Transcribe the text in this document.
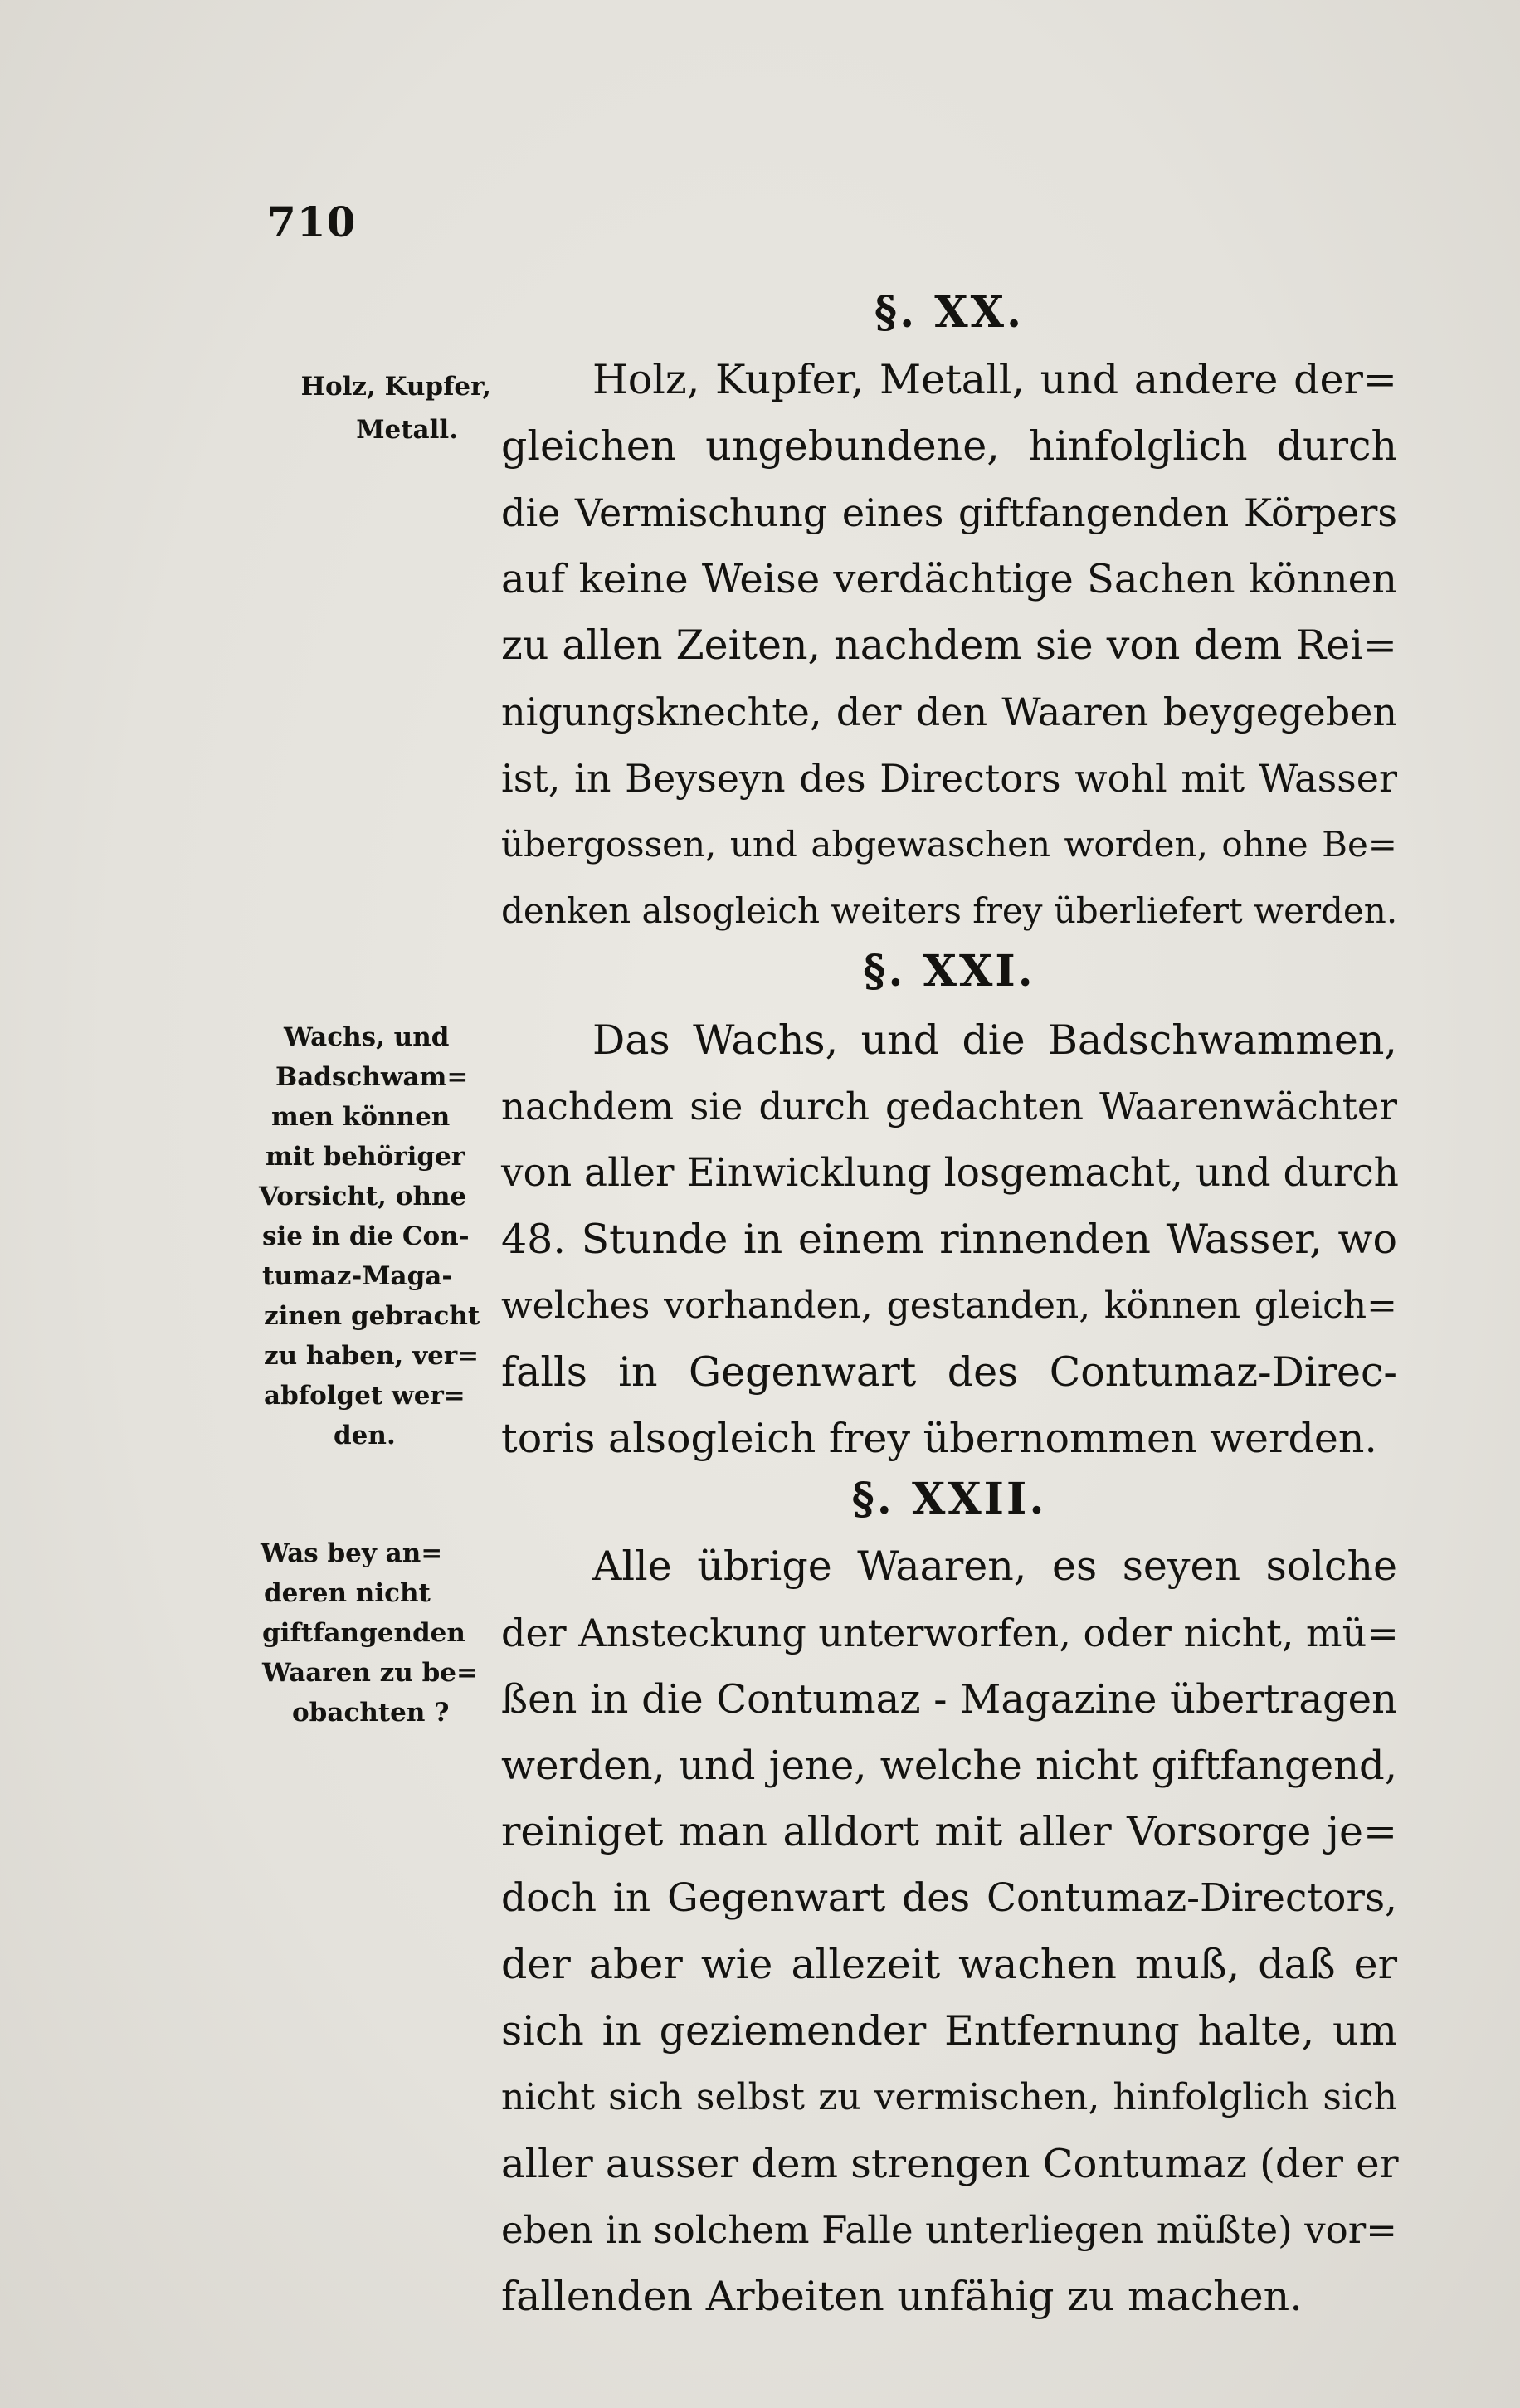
710
§. XX.
Holz, Kupfer,
Metall.
Holz, Kupfer, Metall, und andere der=
gleichen ungebundene, hinfolglich durch
die Vermischung eines giftfangenden Körpers
auf keine Weise verdächtige Sachen können
zu allen Zeiten, nachdem sie von dem Rei=
nigungsknechte, der den Waaren beygegeben
ist, in Beyseyn des Directors wohl mit Wasser
übergossen, und abgewaschen worden, ohne Be=
denken alsogleich weiters frey überliefert werden.
§. XXI.
Wachs, und
Badschwam=
men können
mit behöriger
Vorsicht, ohne
sie in die Con-
tumaz-Maga-
zinen gebracht
zu haben, ver=
abfolget wer=
den.
Das Wachs, und die Badschwammen,
nachdem sie durch gedachten Waarenwächter
von aller Einwicklung losgemacht, und durch
48. Stunde in einem rinnenden Wasser, wo
welches vorhanden, gestanden, können gleich=
falls in Gegenwart des Contumaz-Direc-
toris alsogleich frey übernommen werden.
§. XXII.
Was bey an=
deren nicht
giftfangenden
Waaren zu be=
obachten ?
Alle übrige Waaren, es seyen solche
der Ansteckung unterworfen, oder nicht, mü=
ßen in die Contumaz - Magazine übertragen
werden, und jene, welche nicht giftfangend,
reiniget man alldort mit aller Vorsorge je=
doch in Gegenwart des Contumaz-Directors,
der aber wie allezeit wachen muß, daß er
sich in geziemender Entfernung halte, um
nicht sich selbst zu vermischen, hinfolglich sich
aller ausser dem strengen Contumaz (der er
eben in solchem Falle unterliegen müßte) vor=
fallenden Arbeiten unfähig zu machen.
